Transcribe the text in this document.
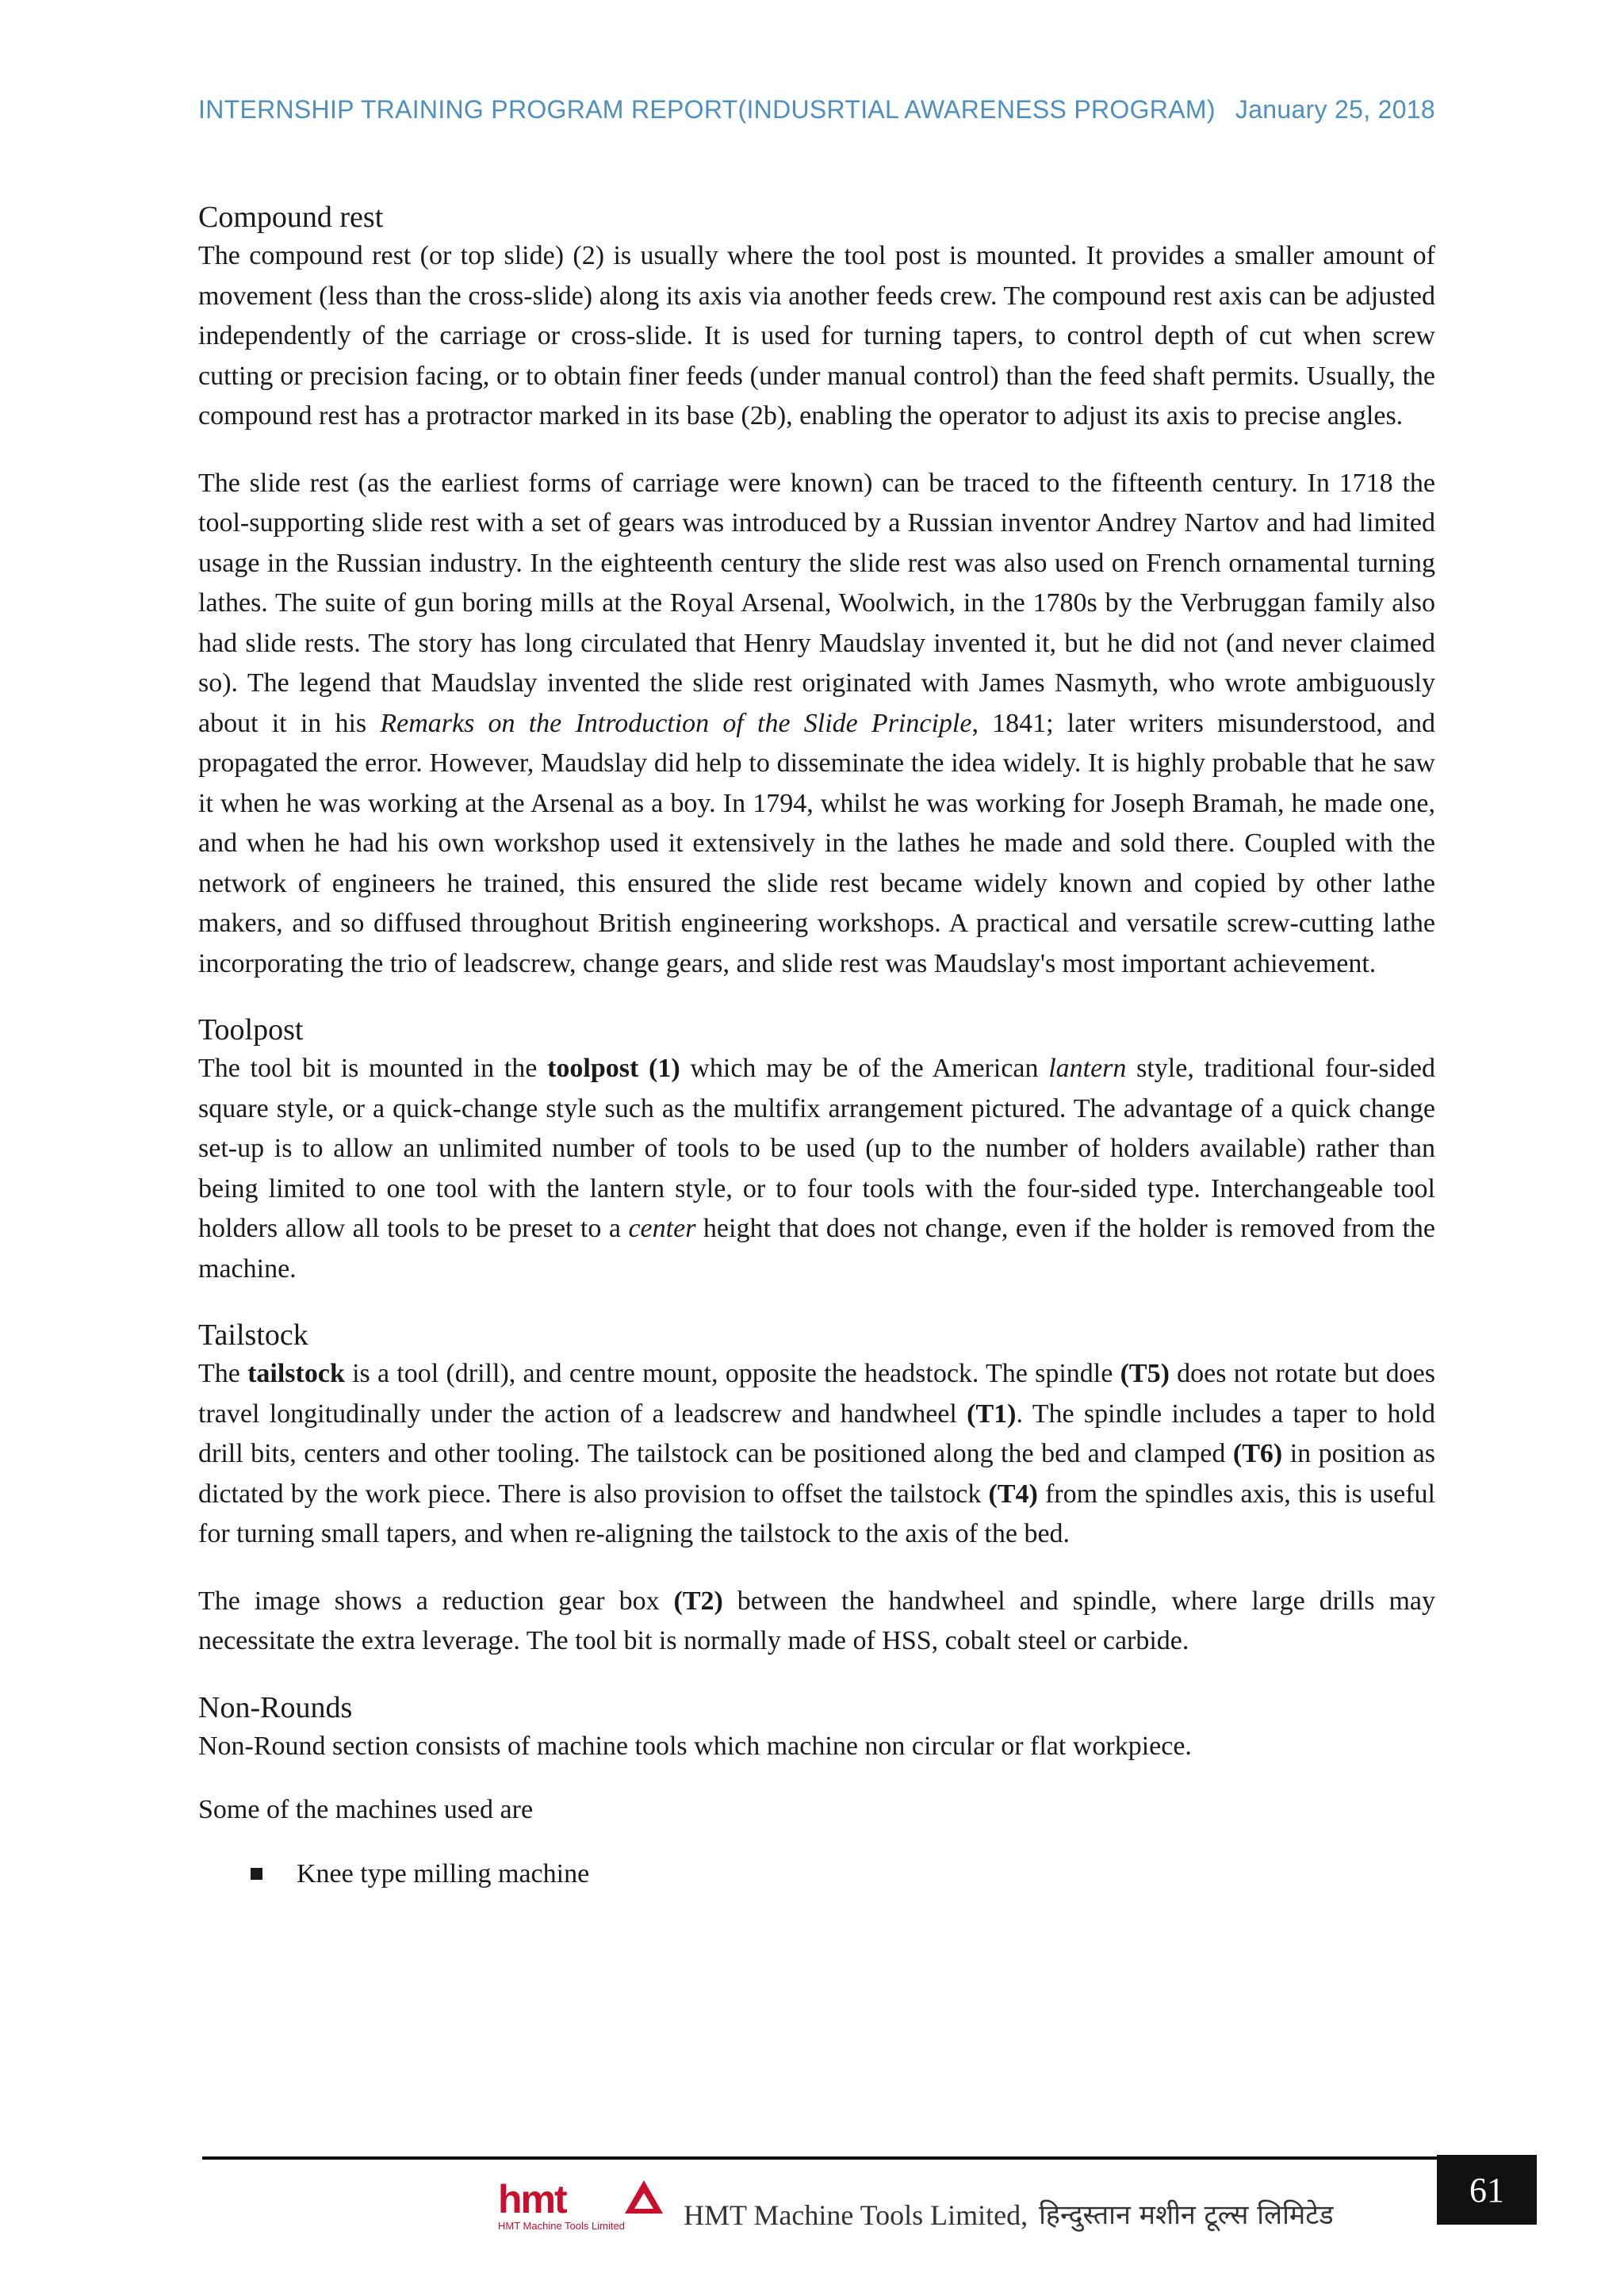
INTERNSHIP TRAINING PROGRAM REPORT(INDUSRTIAL AWARENESS PROGRAM) January 25, 2018
Compound rest

The compound rest (or top slide) (2) is usually where the tool post is mounted. It provides a smaller amount of movement (less than the cross-slide) along its axis via another feeds crew. The compound rest axis can be adjusted independently of the carriage or cross-slide. It is used for turning tapers, to control depth of cut when screw cutting or precision facing, or to obtain finer feeds (under manual control) than the feed shaft permits. Usually, the compound rest has a protractor marked in its base (2b), enabling the operator to adjust its axis to precise angles.

The slide rest (as the earliest forms of carriage were known) can be traced to the fifteenth century. In 1718 the tool-supporting slide rest with a set of gears was introduced by a Russian inventor Andrey Nartov and had limited usage in the Russian industry. In the eighteenth century the slide rest was also used on French ornamental turning lathes. The suite of gun boring mills at the Royal Arsenal, Woolwich, in the 1780s by the Verbruggan family also had slide rests. The story has long circulated that Henry Maudslay invented it, but he did not (and never claimed so). The legend that Maudslay invented the slide rest originated with James Nasmyth, who wrote ambiguously about it in his Remarks on the Introduction of the Slide Principle, 1841; later writers misunderstood, and propagated the error. However, Maudslay did help to disseminate the idea widely. It is highly probable that he saw it when he was working at the Arsenal as a boy. In 1794, whilst he was working for Joseph Bramah, he made one, and when he had his own workshop used it extensively in the lathes he made and sold there. Coupled with the network of engineers he trained, this ensured the slide rest became widely known and copied by other lathe makers, and so diffused throughout British engineering workshops. A practical and versatile screw-cutting lathe incorporating the trio of leadscrew, change gears, and slide rest was Maudslay's most important achievement.

Toolpost

The tool bit is mounted in the toolpost (1) which may be of the American lantern style, traditional four-sided square style, or a quick-change style such as the multifix arrangement pictured. The advantage of a quick change set-up is to allow an unlimited number of tools to be used (up to the number of holders available) rather than being limited to one tool with the lantern style, or to four tools with the four-sided type. Interchangeable tool holders allow all tools to be preset to a center height that does not change, even if the holder is removed from the machine.

Tailstock

The tailstock is a tool (drill), and centre mount, opposite the headstock. The spindle (T5) does not rotate but does travel longitudinally under the action of a leadscrew and handwheel (T1). The spindle includes a taper to hold drill bits, centers and other tooling. The tailstock can be positioned along the bed and clamped (T6) in position as dictated by the work piece. There is also provision to offset the tailstock (T4) from the spindles axis, this is useful for turning small tapers, and when re-aligning the tailstock to the axis of the bed.

The image shows a reduction gear box (T2) between the handwheel and spindle, where large drills may necessitate the extra leverage. The tool bit is normally made of HSS, cobalt steel or carbide.

Non-Rounds

Non-Round section consists of machine tools which machine non circular or flat workpiece.

Some of the machines used are

Knee type milling machine
61
hmt
HMT Machine Tools Limited HMT Machine Tools Limited, हिन्दुस्तान मशीन टूल्स लिमिटेड
